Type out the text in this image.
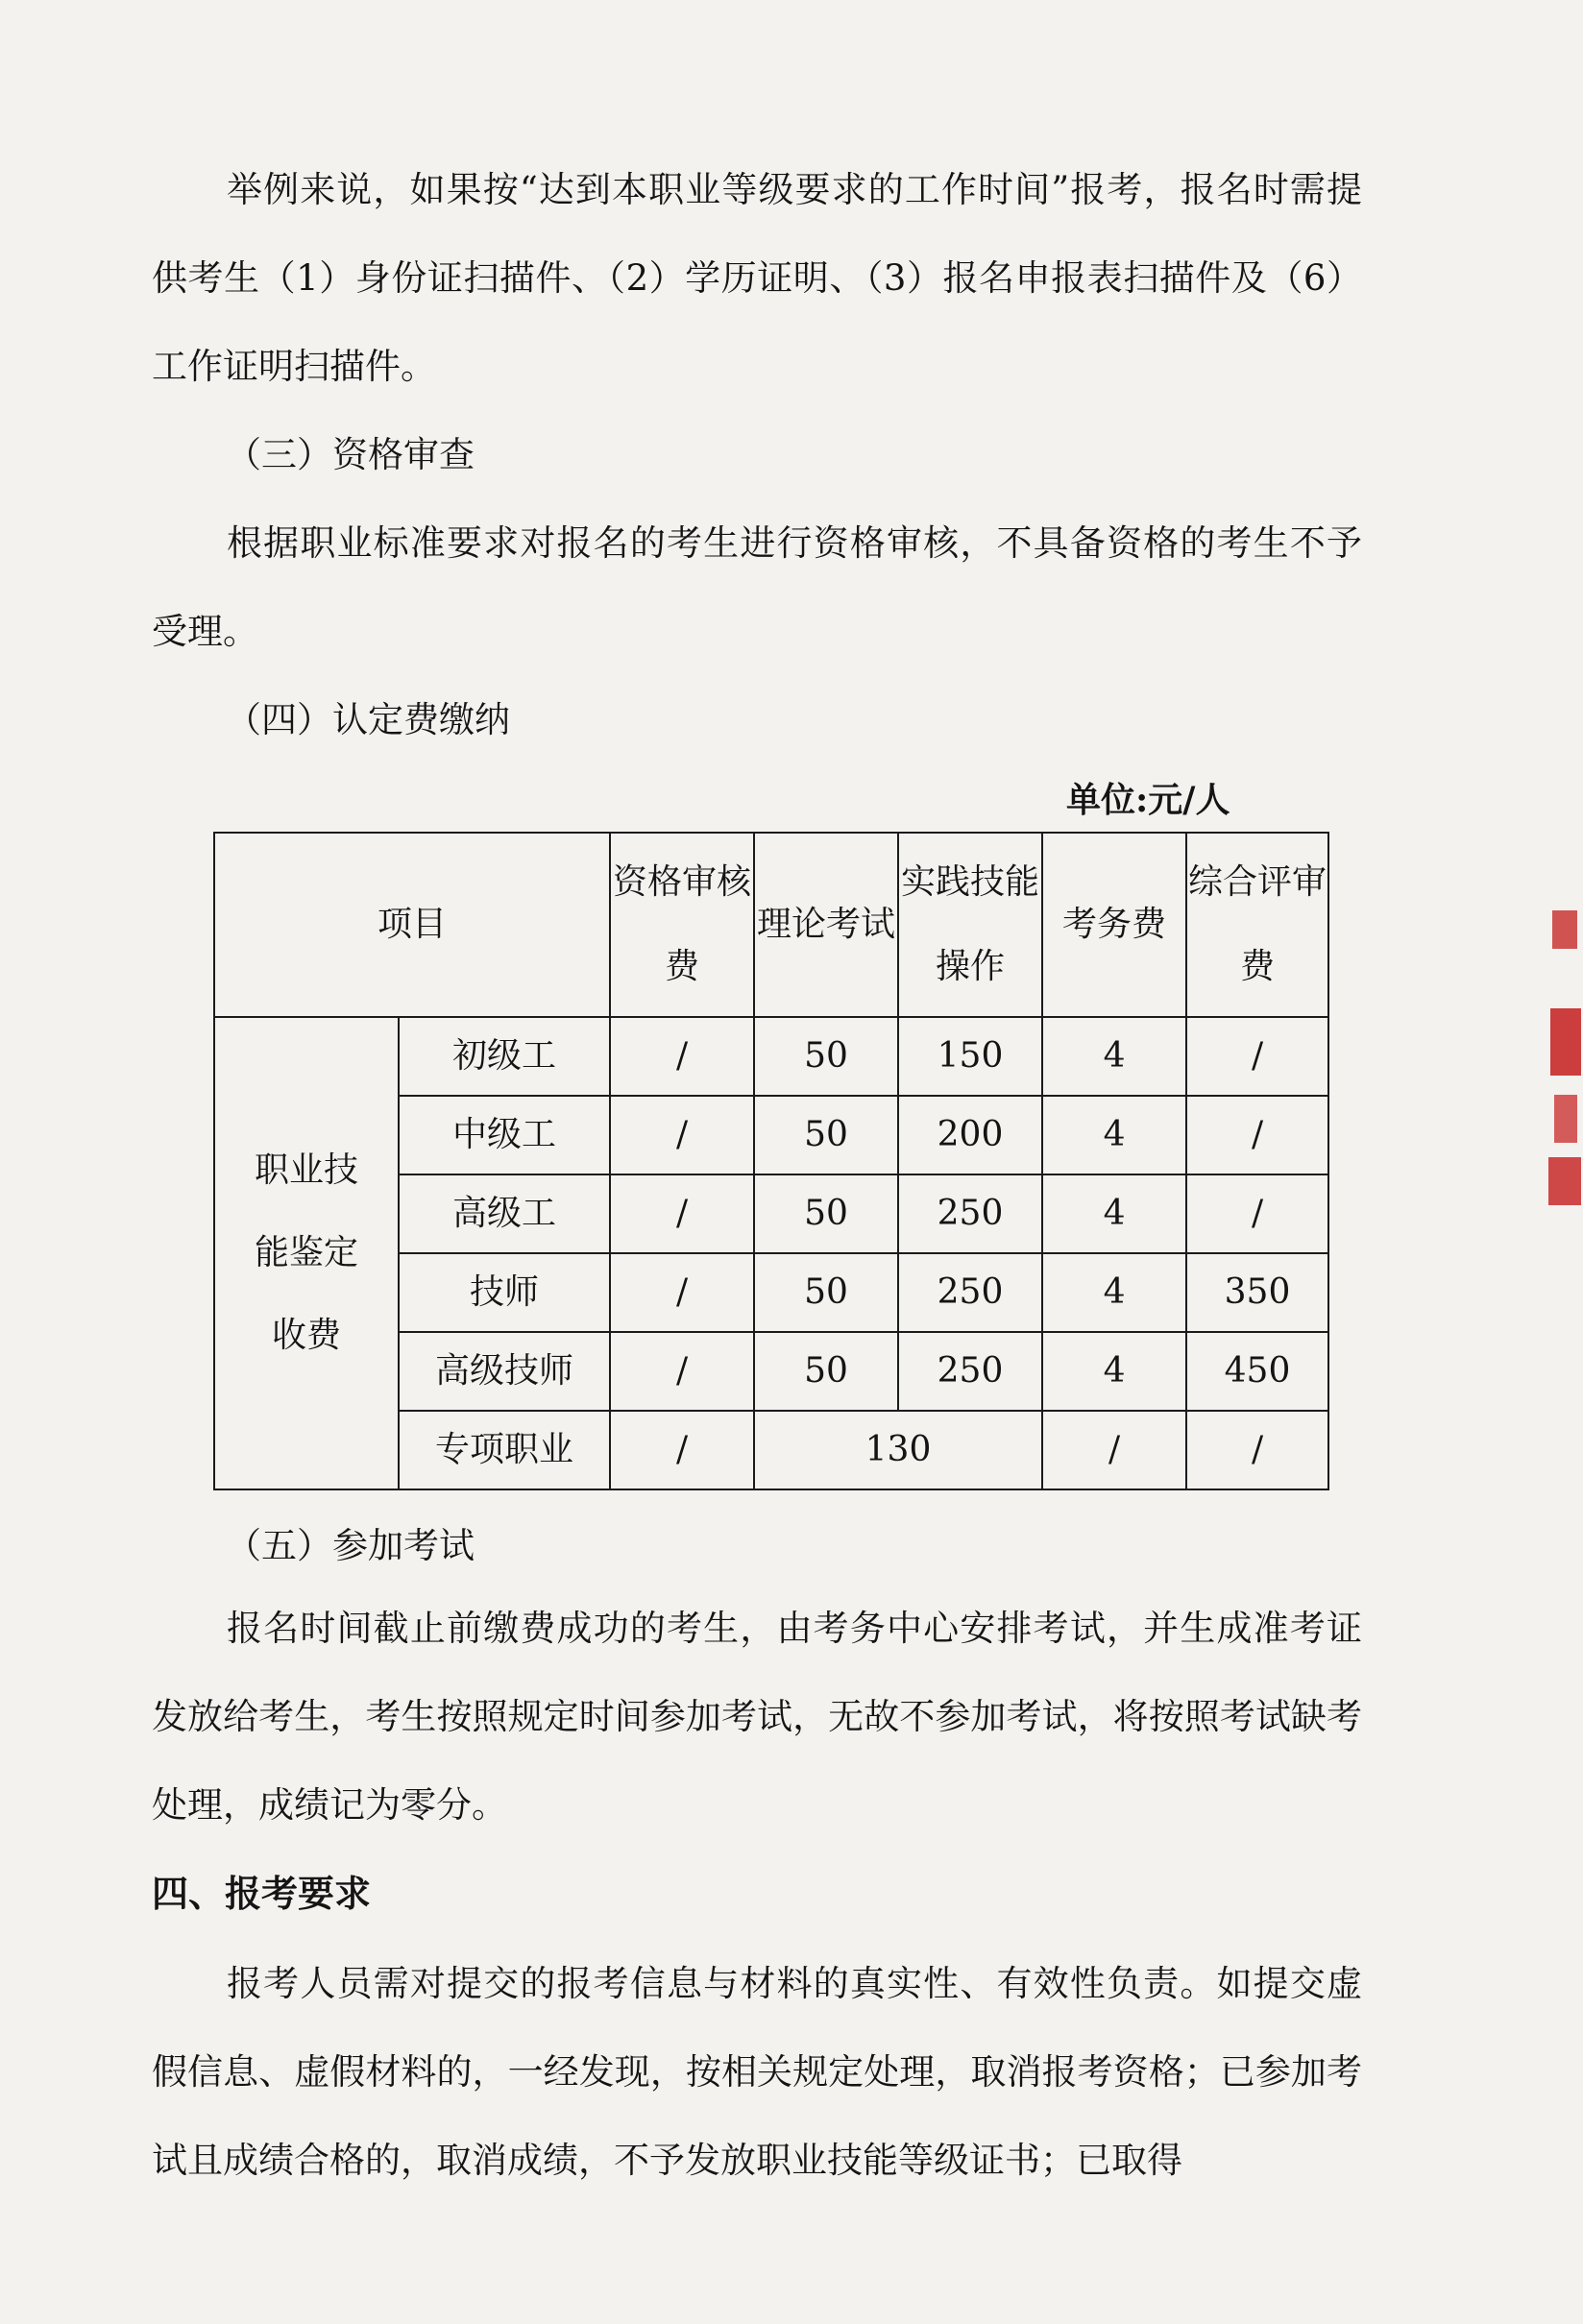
举例来说，如果按“达到本职业等级要求的工作时间”报考，报名时需提供考生（1）身份证扫描件、（2）学历证明、（3）报名申报表扫描件及（6）工作证明扫描件。

（三）资格审查

根据职业标准要求对报名的考生进行资格审核，不具备资格的考生不予受理。

（四）认定费缴纳

单位:元/人
项目		资格审核费	理论考试	实践技能操作	考务费	综合评审费
职业技能鉴定收费	初级工	/	50	150	4	/
	中级工	/	50	200	4	/
	高级工	/	50	250	4	/
	技师	/	50	250	4	350
	高级技师	/	50	250	4	450
	专项职业	/	130		/	/

（五）参加考试

报名时间截止前缴费成功的考生，由考务中心安排考试，并生成准考证发放给考生，考生按照规定时间参加考试，无故不参加考试，将按照考试缺考处理，成绩记为零分。

四、报考要求

报考人员需对提交的报考信息与材料的真实性、有效性负责。如提交虚假信息、虚假材料的，一经发现，按相关规定处理，取消报考资格；已参加考试且成绩合格的，取消成绩，不予发放职业技能等级证书；已取得
